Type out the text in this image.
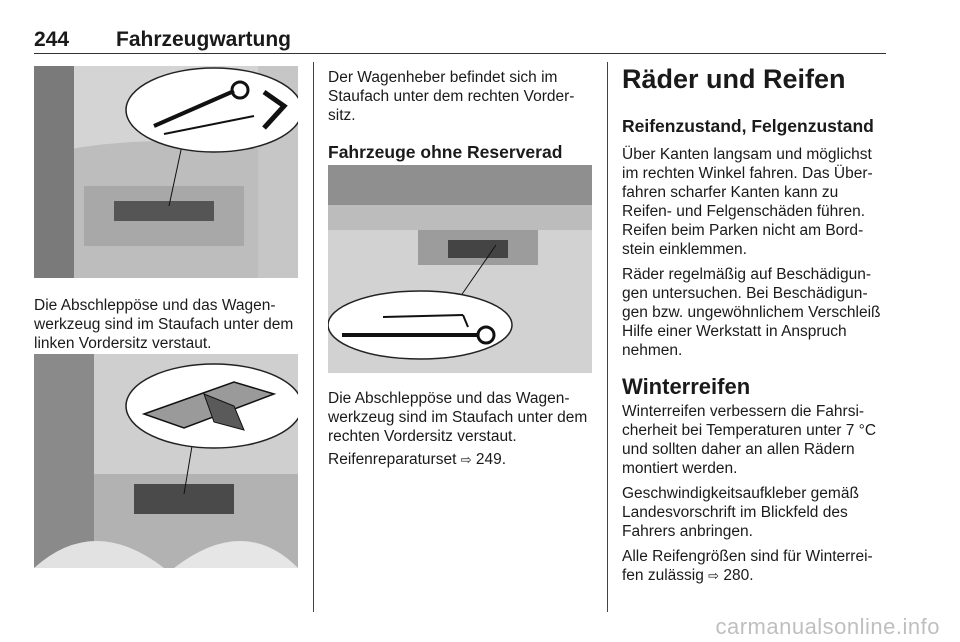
244 Fahrzeugwartung
Die Abschleppöse und das Wagenwerkzeug sind im Staufach unter dem linken Vordersitz verstaut.

Der Wagenheber befindet sich im Staufach unter dem rechten Vordersitz.

Fahrzeuge ohne Reserverad
Die Abschleppöse und das Wagenwerkzeug sind im Staufach unter dem rechten Vordersitz verstaut.
Reifenreparaturset ⇨ 249.
Räder und Reifen
Reifenzustand, Felgenzustand

Über Kanten langsam und möglichst im rechten Winkel fahren. Das Überfahren scharfer Kanten kann zu Reifen- und Felgenschäden führen. Reifen beim Parken nicht am Bordstein einklemmen.

Räder regelmäßig auf Beschädigungen untersuchen. Bei Beschädigungen bzw. ungewöhnlichem Verschleiß Hilfe einer Werkstatt in Anspruch nehmen.

Winterreifen

Winterreifen verbessern die Fahrsicherheit bei Temperaturen unter 7 °C und sollten daher an allen Rädern montiert werden.

Geschwindigkeitsaufkleber gemäß Landesvorschrift im Blickfeld des Fahrers anbringen.

Alle Reifengrößen sind für Winterreifen zulässig ⇨ 280.

carmanualsonline.info
